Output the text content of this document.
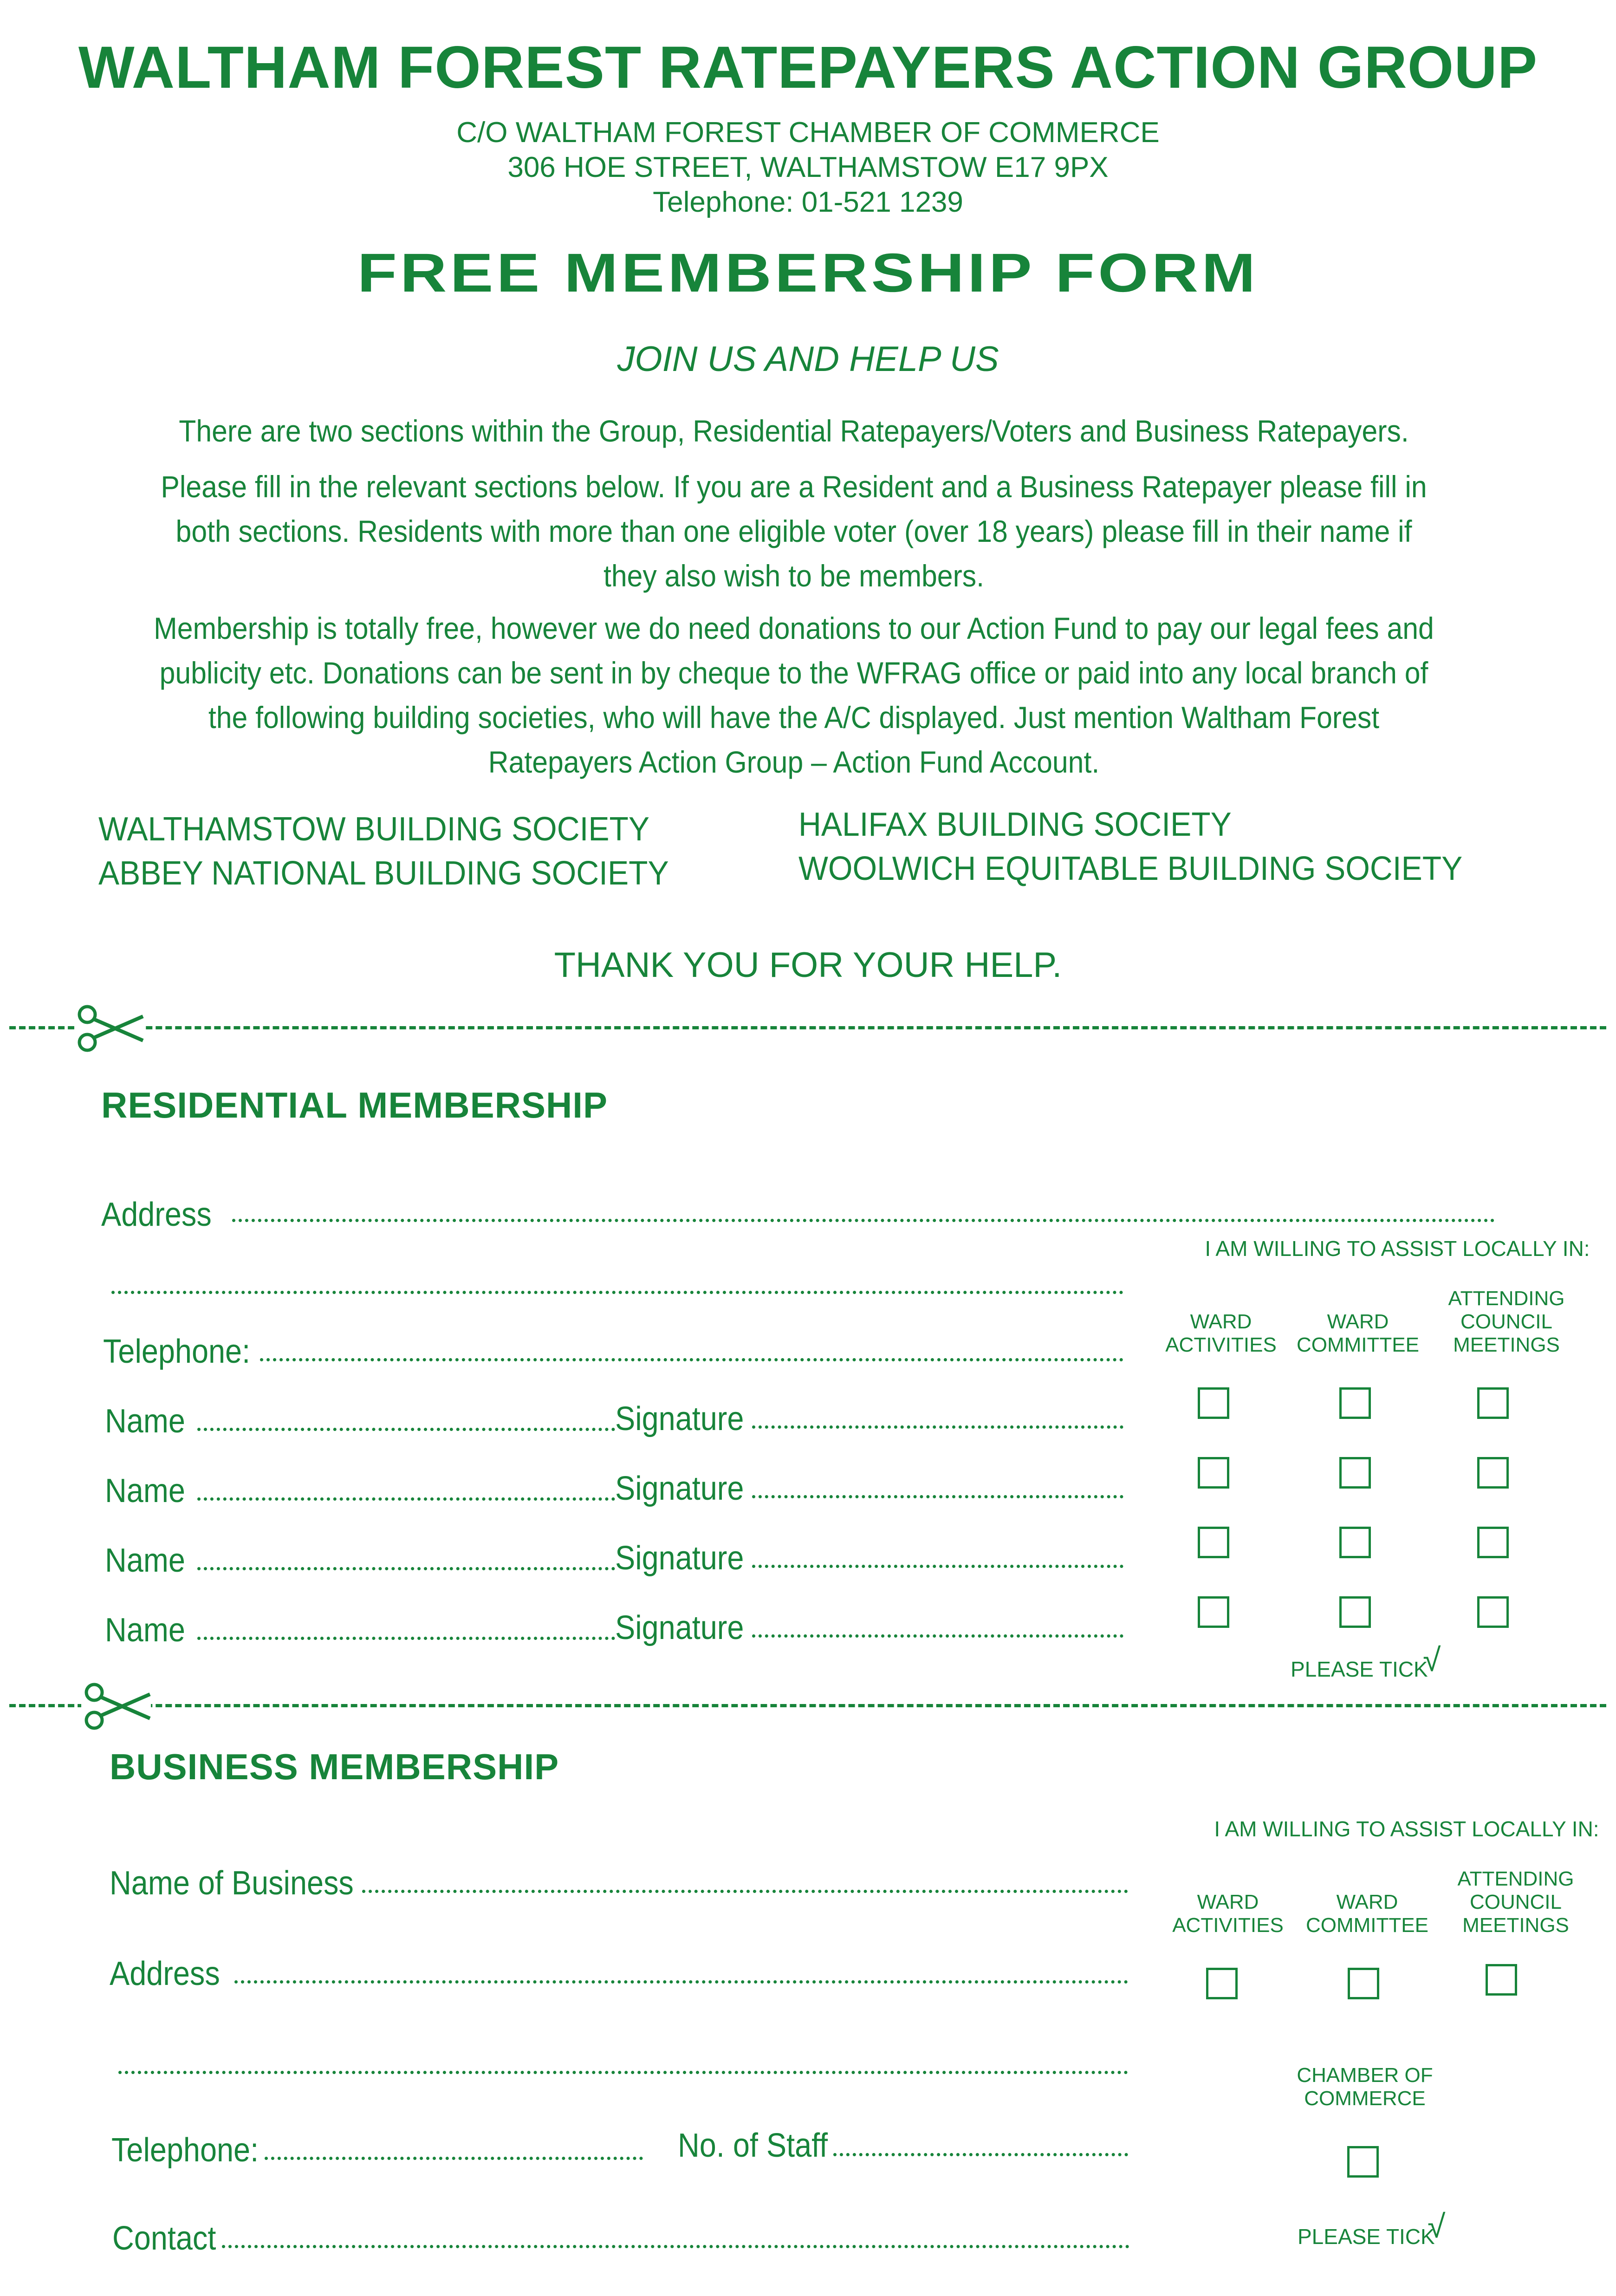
WALTHAM FOREST RATEPAYERS ACTION GROUP
C/O WALTHAM FOREST CHAMBER OF COMMERCE
306 HOE STREET, WALTHAMSTOW E17 9PX
Telephone: 01-521 1239
FREE MEMBERSHIP FORM
JOIN US AND HELP US
There are two sections within the Group, Residential Ratepayers/Voters and Business Ratepayers.
Please fill in the relevant sections below. If you are a Resident and a Business Ratepayer please fill in both sections. Residents with more than one eligible voter (over 18 years) please fill in their name if they also wish to be members.
Membership is totally free, however we do need donations to our Action Fund to pay our legal fees and publicity etc. Donations can be sent in by cheque to the WFRAG office or paid into any local branch of the following building societies, who will have the A/C displayed. Just mention Waltham Forest Ratepayers Action Group – Action Fund Account.
WALTHAMSTOW BUILDING SOCIETY
ABBEY NATIONAL BUILDING SOCIETY
HALIFAX BUILDING SOCIETY
WOOLWICH EQUITABLE BUILDING SOCIETY
THANK YOU FOR YOUR HELP.
RESIDENTIAL MEMBERSHIP
Address
Telephone:
Name	Signature
Name	Signature
Name	Signature
Name	Signature
I AM WILLING TO ASSIST LOCALLY IN:
WARD ACTIVITIES
WARD COMMITTEE
ATTENDING COUNCIL MEETINGS
PLEASE TICK
√
BUSINESS MEMBERSHIP
Name of Business
Address
Telephone:	No. of Staff
Contact
I AM WILLING TO ASSIST LOCALLY IN:
WARD ACTIVITIES
WARD COMMITTEE
ATTENDING COUNCIL MEETINGS
CHAMBER OF COMMERCE
PLEASE TICK
√
